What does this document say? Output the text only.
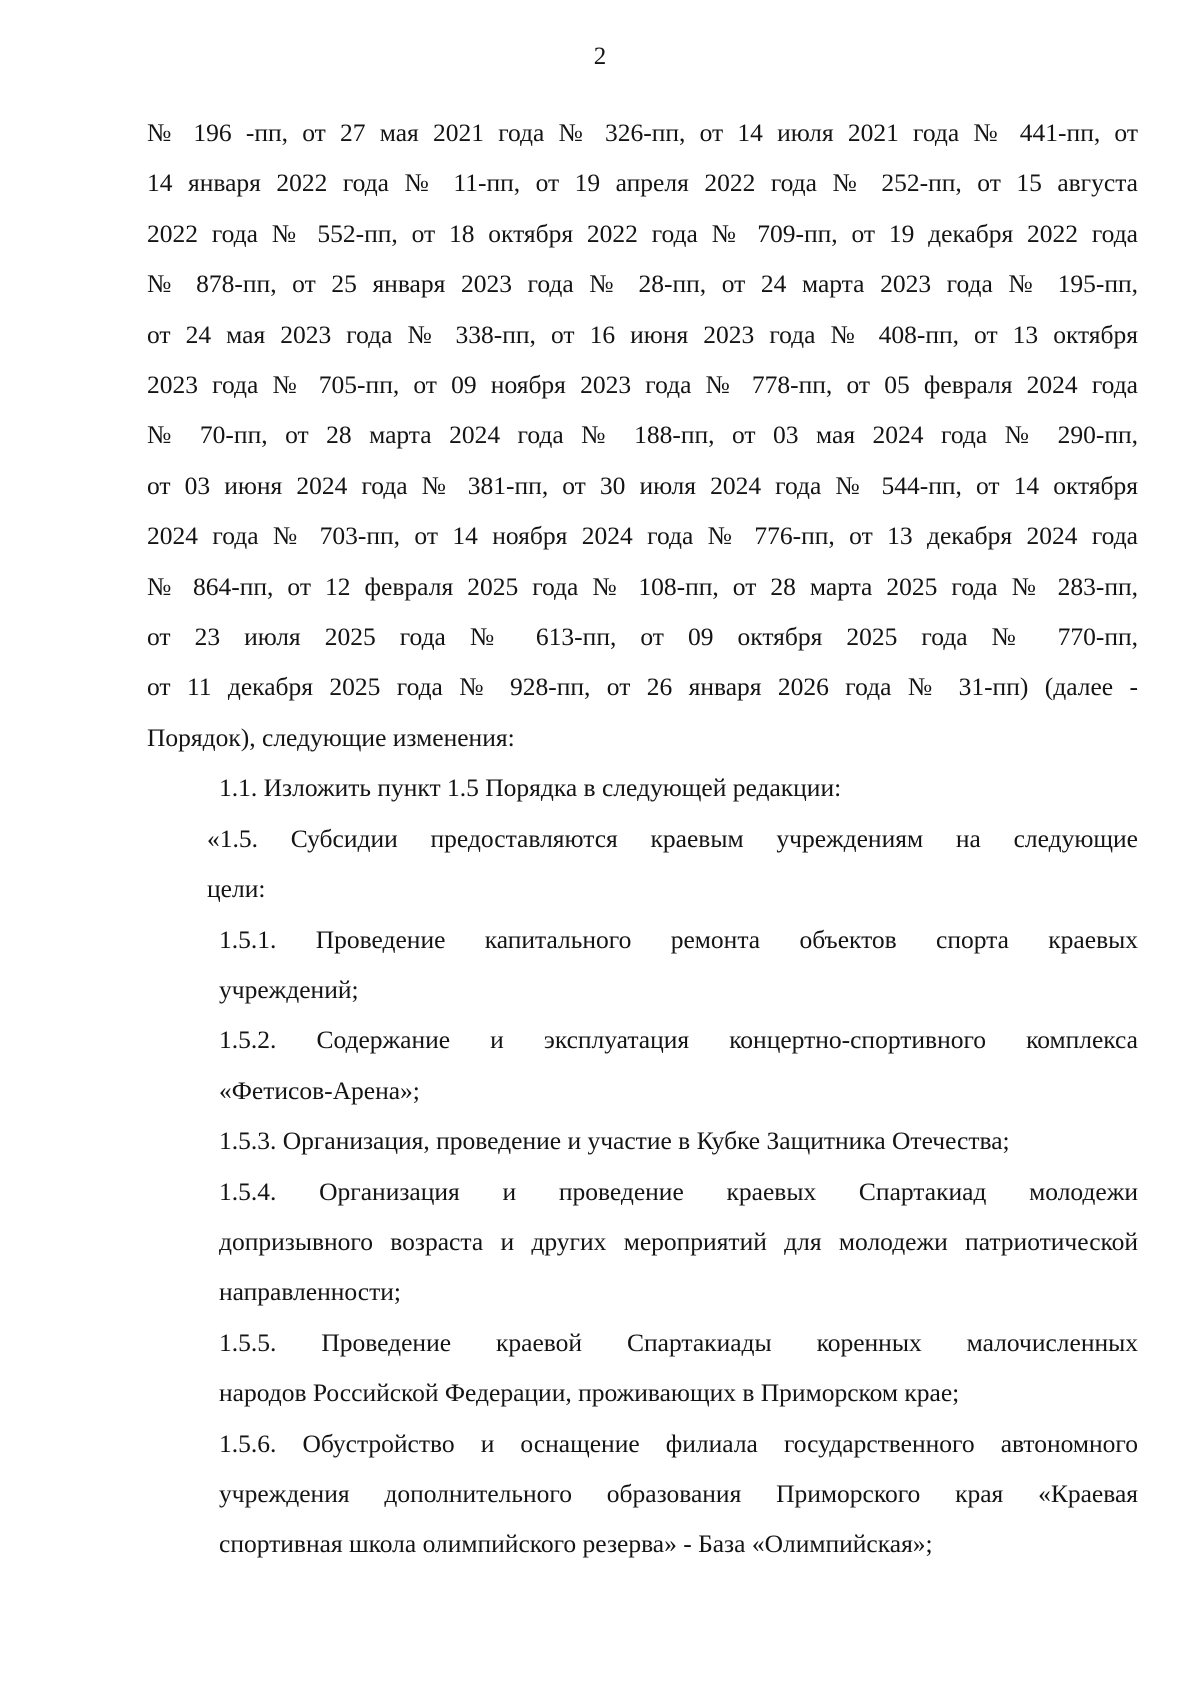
2
№ 196 -пп, от 27 мая 2021 года № 326-пп, от 14 июля 2021 года № 441-пп, от
14 января 2022 года № 11-пп, от 19 апреля 2022 года № 252-пп, от 15 августа
2022 года № 552-пп, от 18 октября 2022 года № 709-пп, от 19 декабря 2022 года
№ 878-пп, от 25 января 2023 года № 28-пп, от 24 марта 2023 года № 195-пп,
от 24 мая 2023 года № 338-пп, от 16 июня 2023 года № 408-пп, от 13 октября
2023 года № 705-пп, от 09 ноября 2023 года № 778-пп, от 05 февраля 2024 года
№ 70-пп, от 28 марта 2024 года № 188-пп, от 03 мая 2024 года № 290-пп,
от 03 июня 2024 года № 381-пп, от 30 июля 2024 года № 544-пп, от 14 октября
2024 года № 703-пп, от 14 ноября 2024 года № 776-пп, от 13 декабря 2024 года
№ 864-пп, от 12 февраля 2025 года № 108-пп, от 28 марта 2025 года № 283-пп,
от 23 июля 2025 года № 613-пп, от 09 октября 2025 года № 770-пп,
от 11 декабря 2025 года № 928-пп, от 26 января 2026 года № 31-пп) (далее -
Порядок), следующие изменения:
1.1. Изложить пункт 1.5 Порядка в следующей редакции:
«1.5. Субсидии предоставляются краевым учреждениям на следующие
цели:
1.5.1. Проведение капитального ремонта объектов спорта краевых
учреждений;
1.5.2. Содержание и эксплуатация концертно-спортивного комплекса
«Фетисов-Арена»;
1.5.3. Организация, проведение и участие в Кубке Защитника Отечества;
1.5.4. Организация и проведение краевых Спартакиад молодежи
допризывного возраста и других мероприятий для молодежи патриотической
направленности;
1.5.5. Проведение краевой Спартакиады коренных малочисленных
народов Российской Федерации, проживающих в Приморском крае;
1.5.6. Обустройство и оснащение филиала государственного автономного
учреждения дополнительного образования Приморского края «Краевая
спортивная школа олимпийского резерва» - База «Олимпийская»;
